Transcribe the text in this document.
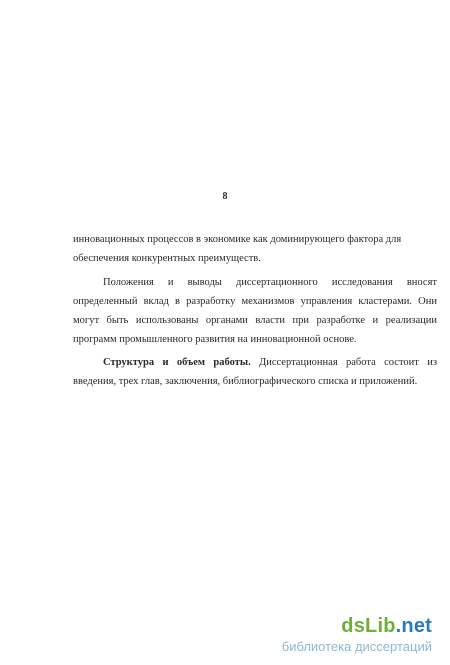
8

инновационных процессов в экономике как доминирующего фактора для
обеспечения конкурентных преимуществ.

Положения и выводы диссертационного исследования вносят определенный вклад в разработку механизмов управления кластерами. Они могут быть использованы органами власти при разработке и реализации программ промышленного развития на инновационной основе.

Структура и объем работы. Диссертационная работа состоит из введения, трех глав, заключения, библиографического списка и приложений.

dsLib.net
библиотека диссертаций
